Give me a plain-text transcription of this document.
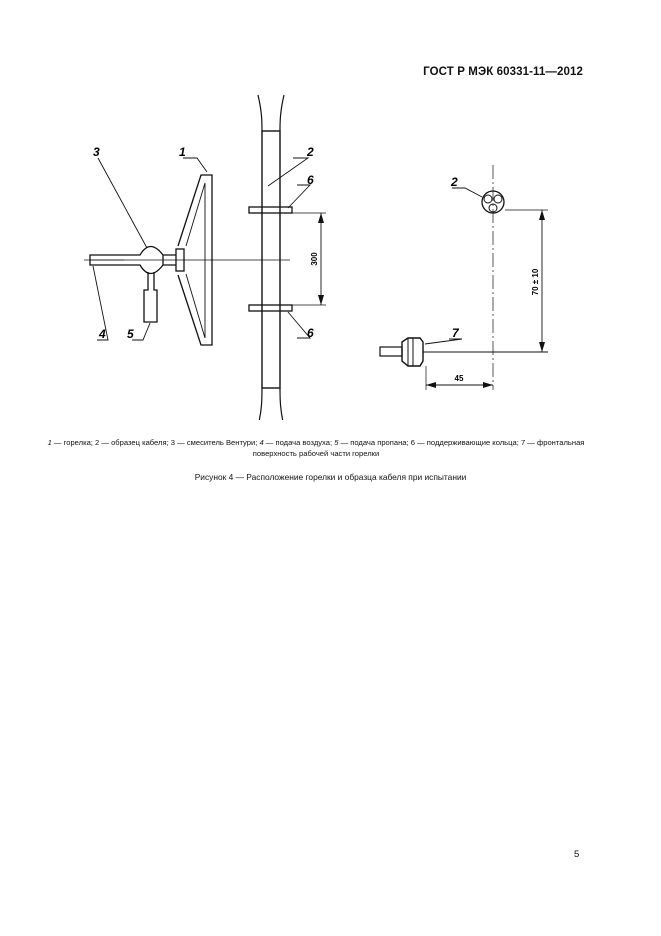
ГОСТ Р МЭК 60331-11—2012
3	1	2
6
6
4 5
2
7
300
70 ± 10
45
1 — горелка; 2 — образец кабеля; 3 — смеситель Вентури; 4 — подача воздуха; 5 — подача пропана; 6 — поддерживающие кольца; 7 — фронтальная поверхность рабочей части горелки
Рисунок 4 — Расположение горелки и образца кабеля при испытании
5
